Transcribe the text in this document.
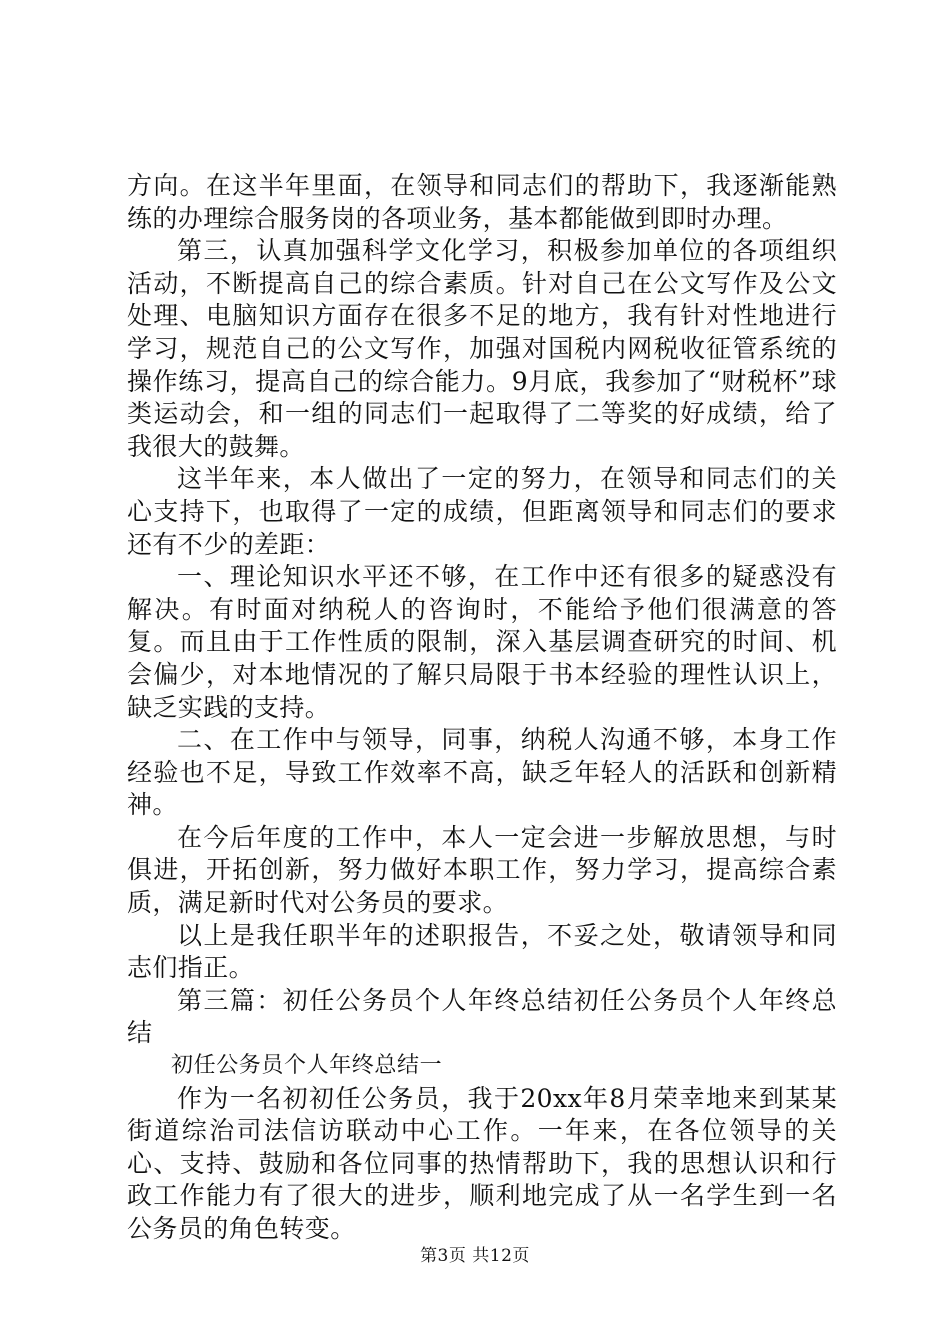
方向。在这半年里面，在领导和同志们的帮助下，我逐渐能熟练的办理综合服务岗的各项业务，基本都能做到即时办理。

第三，认真加强科学文化学习，积极参加单位的各项组织活动，不断提高自己的综合素质。针对自己在公文写作及公文处理、电脑知识方面存在很多不足的地方，我有针对性地进行学习，规范自己的公文写作，加强对国税内网税收征管系统的操作练习，提高自己的综合能力。9月底，我参加了“财税杯”球类运动会，和一组的同志们一起取得了二等奖的好成绩，给了我很大的鼓舞。

这半年来，本人做出了一定的努力，在领导和同志们的关心支持下，也取得了一定的成绩，但距离领导和同志们的要求还有不少的差距：

一、理论知识水平还不够，在工作中还有很多的疑惑没有解决。有时面对纳税人的咨询时，不能给予他们很满意的答复。而且由于工作性质的限制，深入基层调查研究的时间、机会偏少，对本地情况的了解只局限于书本经验的理性认识上，缺乏实践的支持。

二、在工作中与领导，同事，纳税人沟通不够，本身工作经验也不足，导致工作效率不高，缺乏年轻人的活跃和创新精神。

在今后年度的工作中，本人一定会进一步解放思想，与时俱进，开拓创新，努力做好本职工作，努力学习，提高综合素质，满足新时代对公务员的要求。

以上是我任职半年的述职报告，不妥之处，敬请领导和同志们指正。

第三篇：初任公务员个人年终总结初任公务员个人年终总结

初任公务员个人年终总结一

作为一名初初任公务员，我于20xx年8月荣幸地来到某某街道综治司法信访联动中心工作。一年来，在各位领导的关心、支持、鼓励和各位同事的热情帮助下，我的思想认识和行政工作能力有了很大的进步，顺利地完成了从一名学生到一名公务员的角色转变。

第3页 共12页
